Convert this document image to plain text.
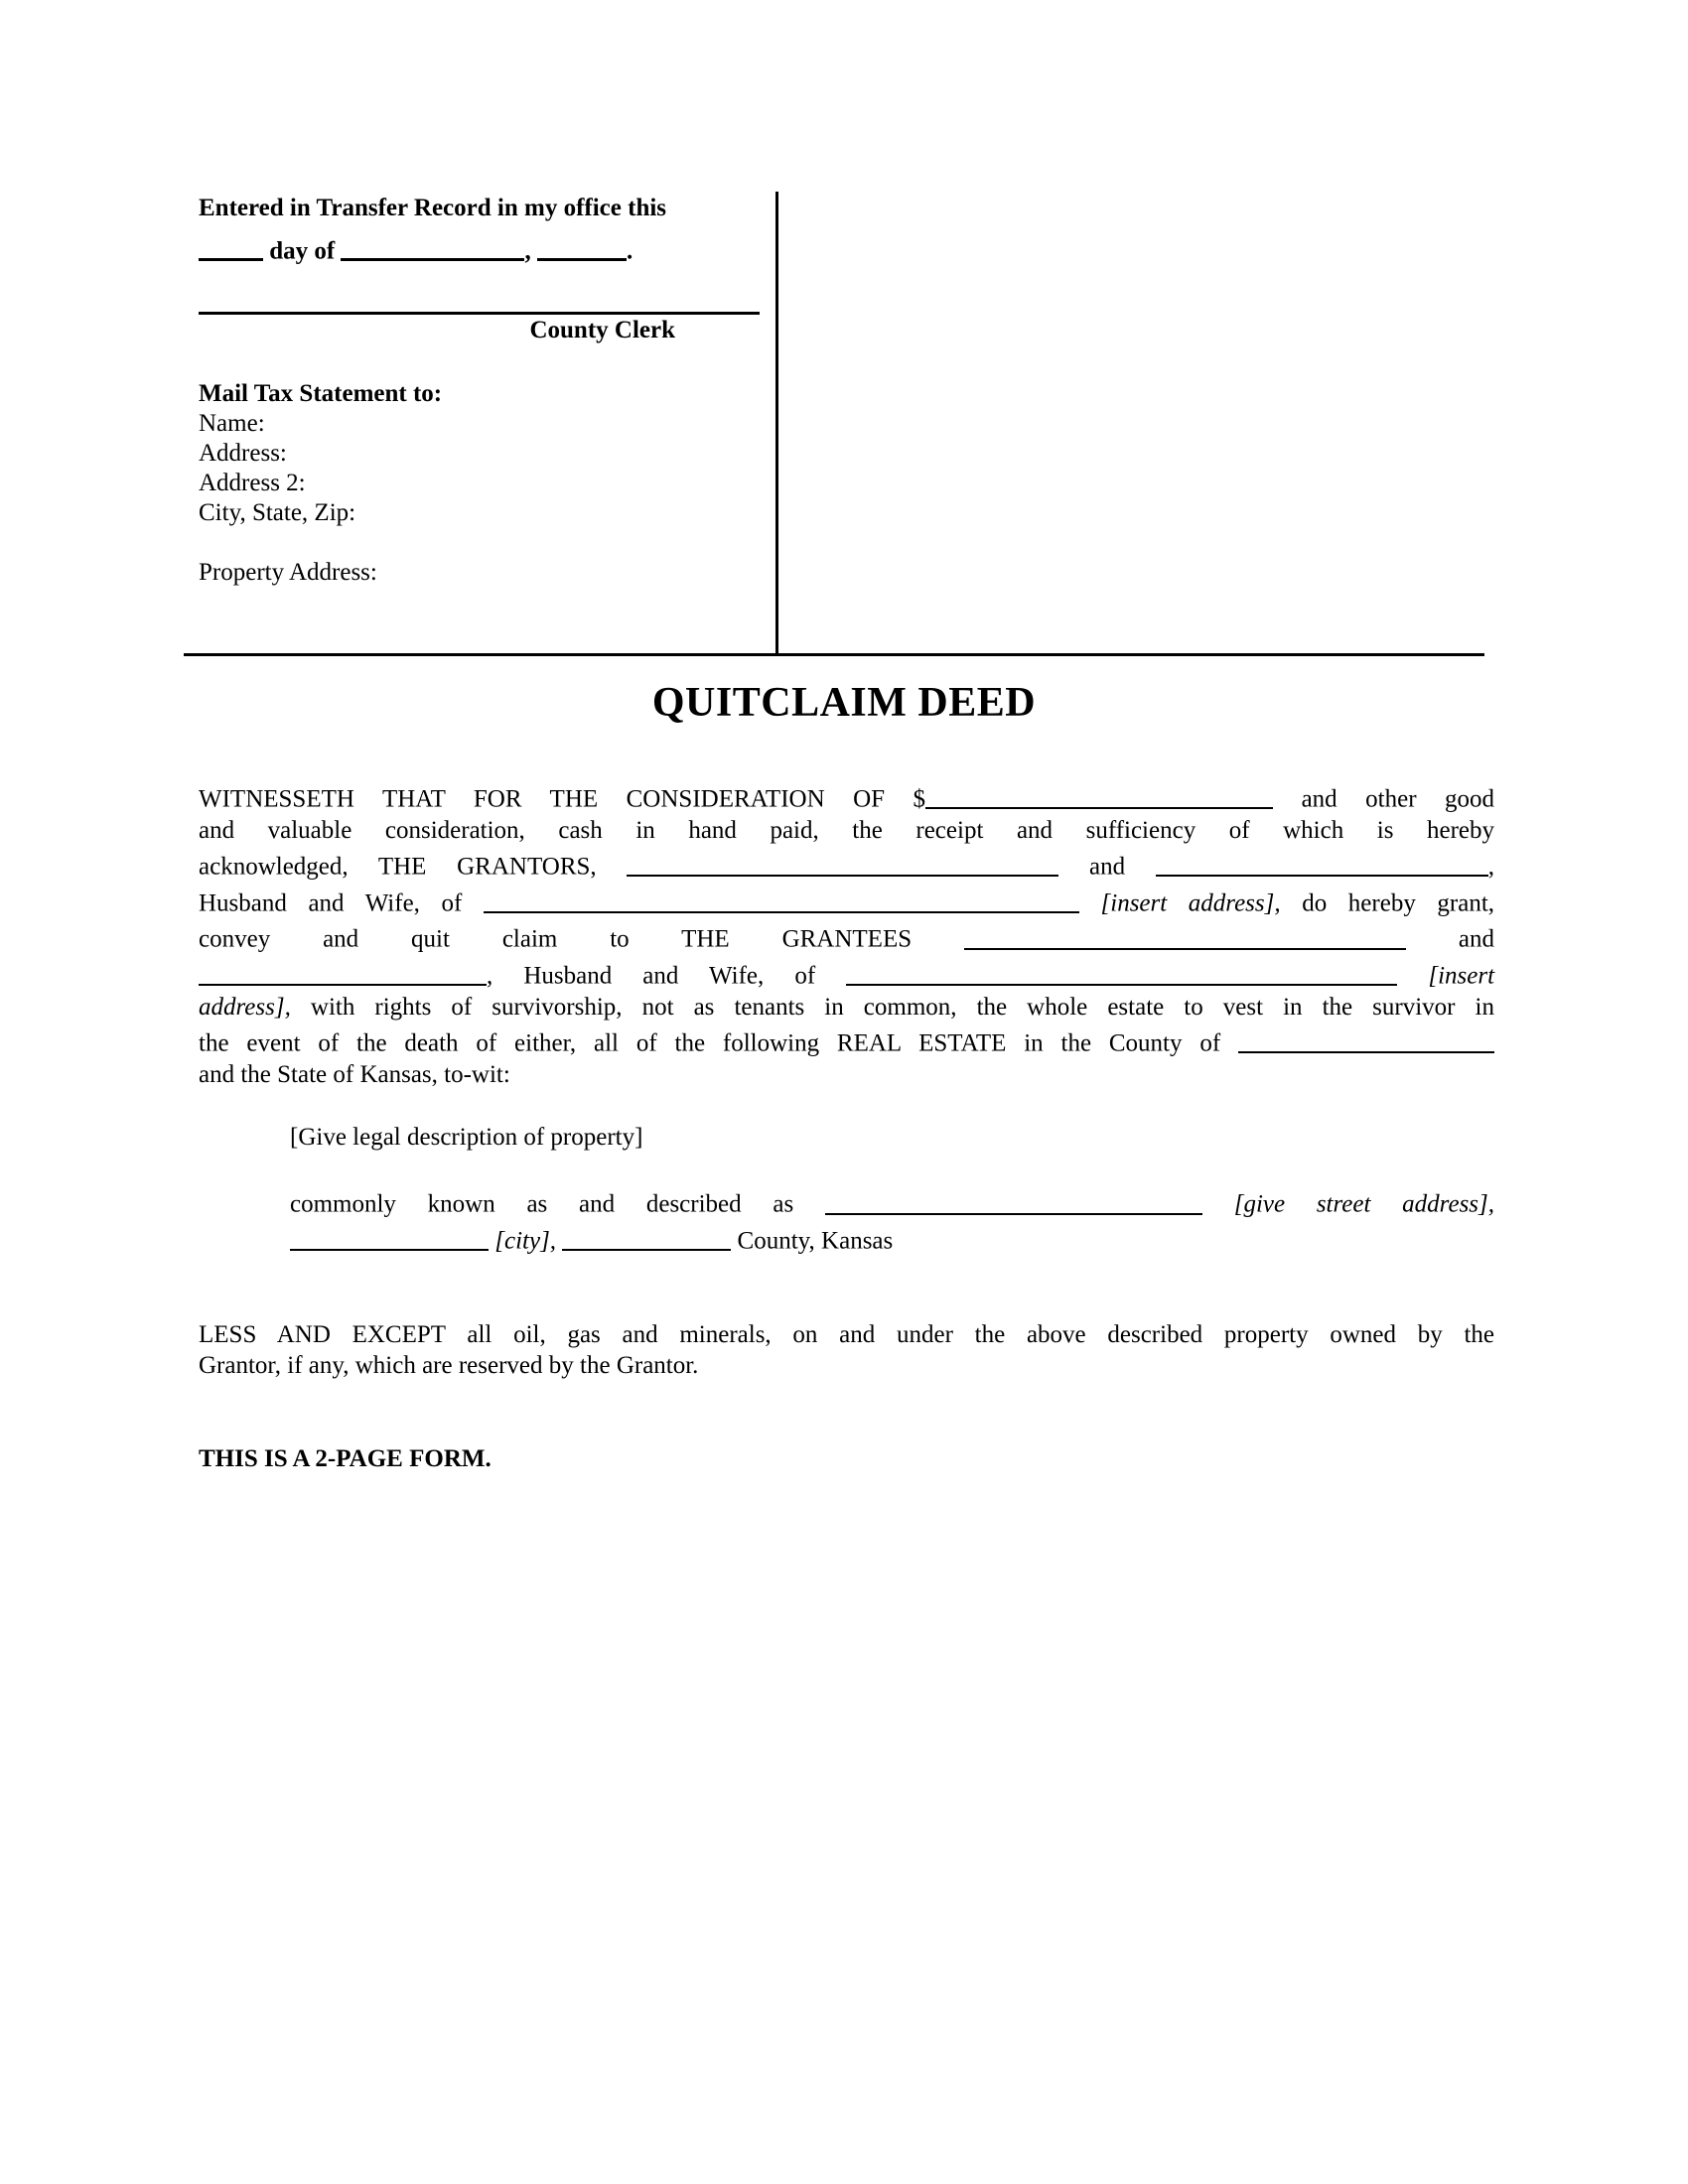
Entered in Transfer Record in my office this
day of	,	.
County Clerk
Mail Tax Statement to:
Name:
Address:
Address 2:
City, State, Zip:
Property Address:
QUITCLAIM DEED
WITNESSETH THAT FOR THE CONSIDERATION OF $	and other good
and valuable consideration, cash in hand paid, the receipt and sufficiency of which is hereby
acknowledged, THE GRANTORS,	and	,
Husband and Wife, of	[insert address], do hereby grant,
convey and quit claim to THE GRANTEES	and
, Husband and Wife, of	[insert
address], with rights of survivorship, not as tenants in common, the whole estate to vest in the survivor in
the event of the death of either, all of the following REAL ESTATE in the County of
and the State of Kansas, to-wit:
[Give legal description of property]
commonly known as and described as	[give street address],
[city],	County, Kansas
LESS AND EXCEPT all oil, gas and minerals, on and under the above described property owned by the
Grantor, if any, which are reserved by the Grantor.
THIS IS A 2-PAGE FORM.
